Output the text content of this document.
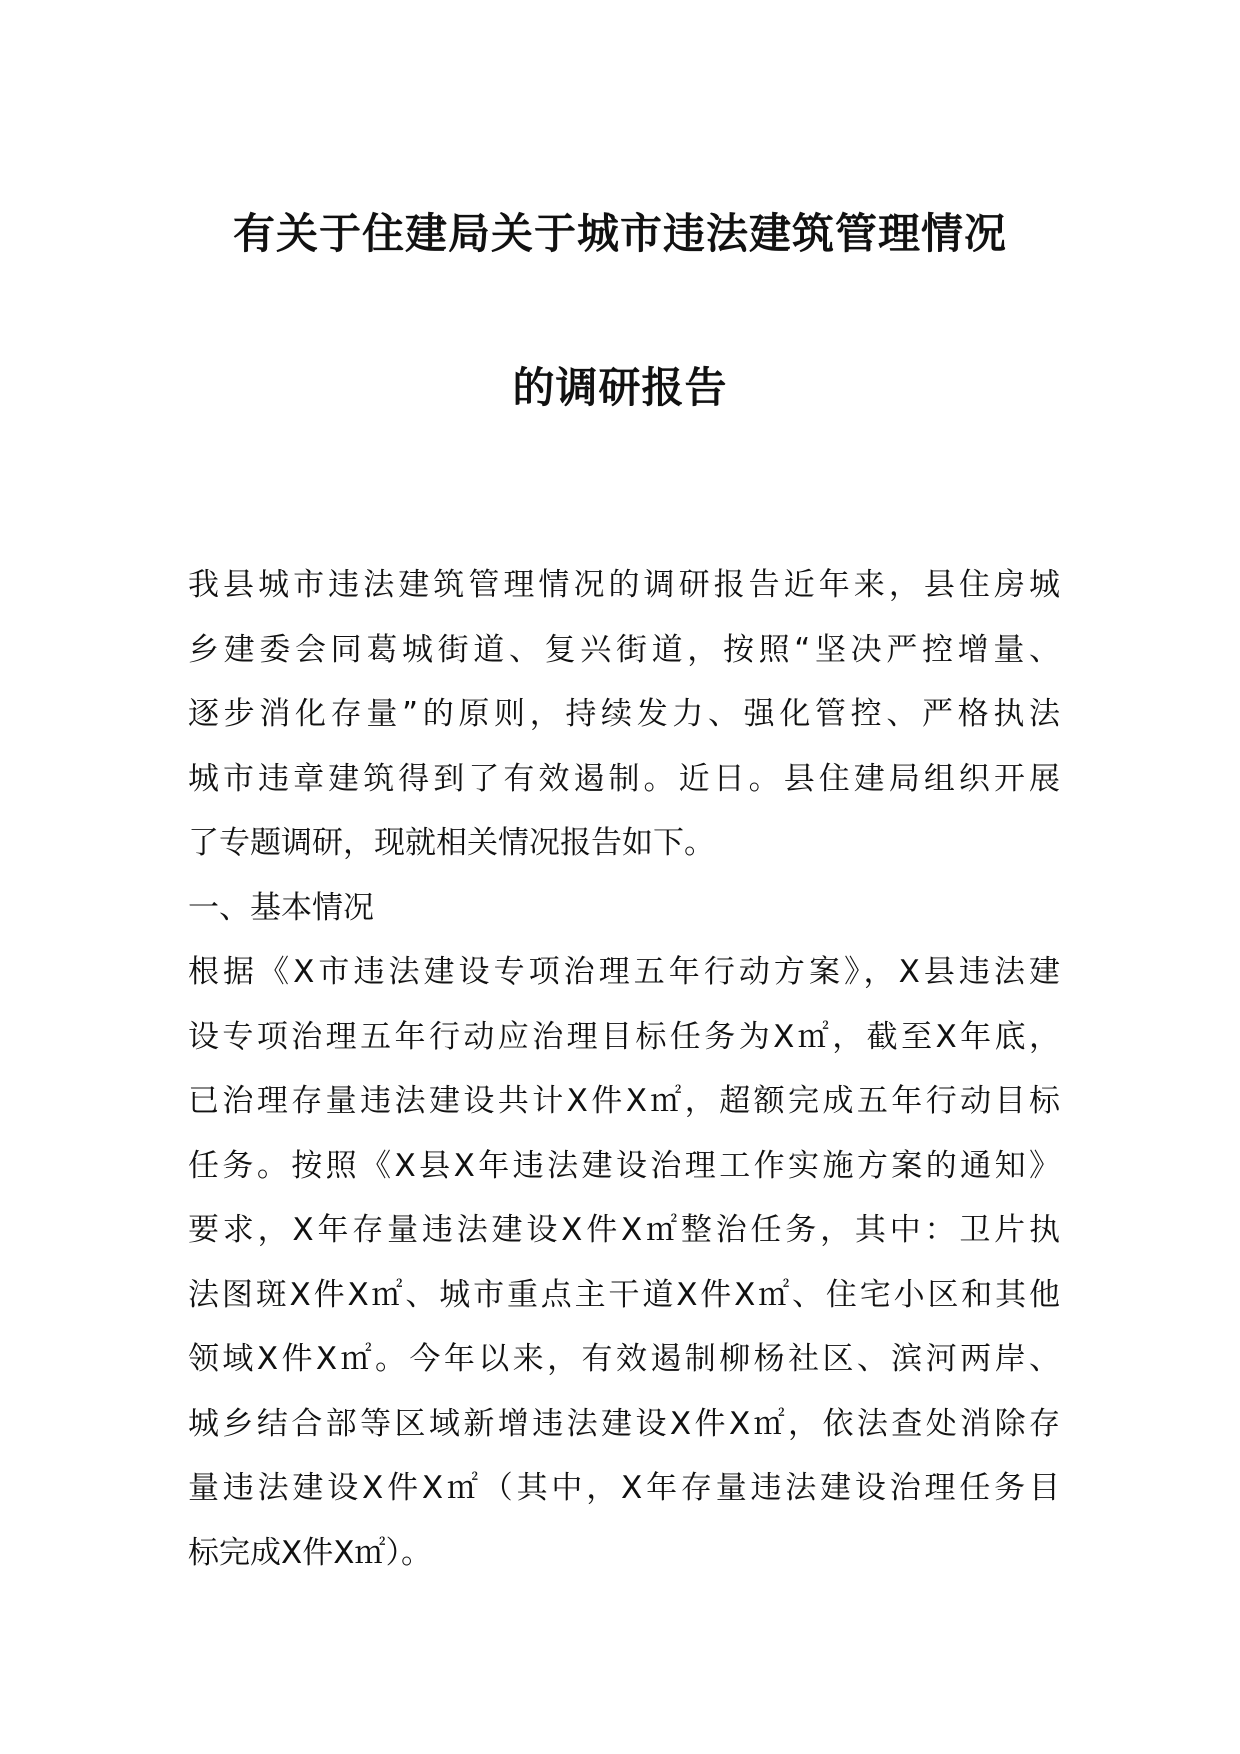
有关于住建局关于城市违法建筑管理情况
的调研报告
我县城市违法建筑管理情况的调研报告近年来，县住房城
乡建委会同葛城街道、复兴街道，按照“坚决严控增量、
逐步消化存量”的原则，持续发力、强化管控、严格执法
城市违章建筑得到了有效遏制。近日。县住建局组织开展
了专题调研，现就相关情况报告如下。
一、基本情况
根据《X市违法建设专项治理五年行动方案》，X县违法建
设专项治理五年行动应治理目标任务为X㎡，截至X年底，
已治理存量违法建设共计X件X㎡，超额完成五年行动目标
任务。按照《X县X年违法建设治理工作实施方案的通知》
要求，X年存量违法建设X件X㎡整治任务，其中：卫片执
法图斑X件X㎡、城市重点主干道X件X㎡、住宅小区和其他
领域X件X㎡。今年以来，有效遏制柳杨社区、滨河两岸、
城乡结合部等区域新增违法建设X件X㎡，依法查处消除存
量违法建设X件X㎡（其中，X年存量违法建设治理任务目
标完成X件X㎡）。
